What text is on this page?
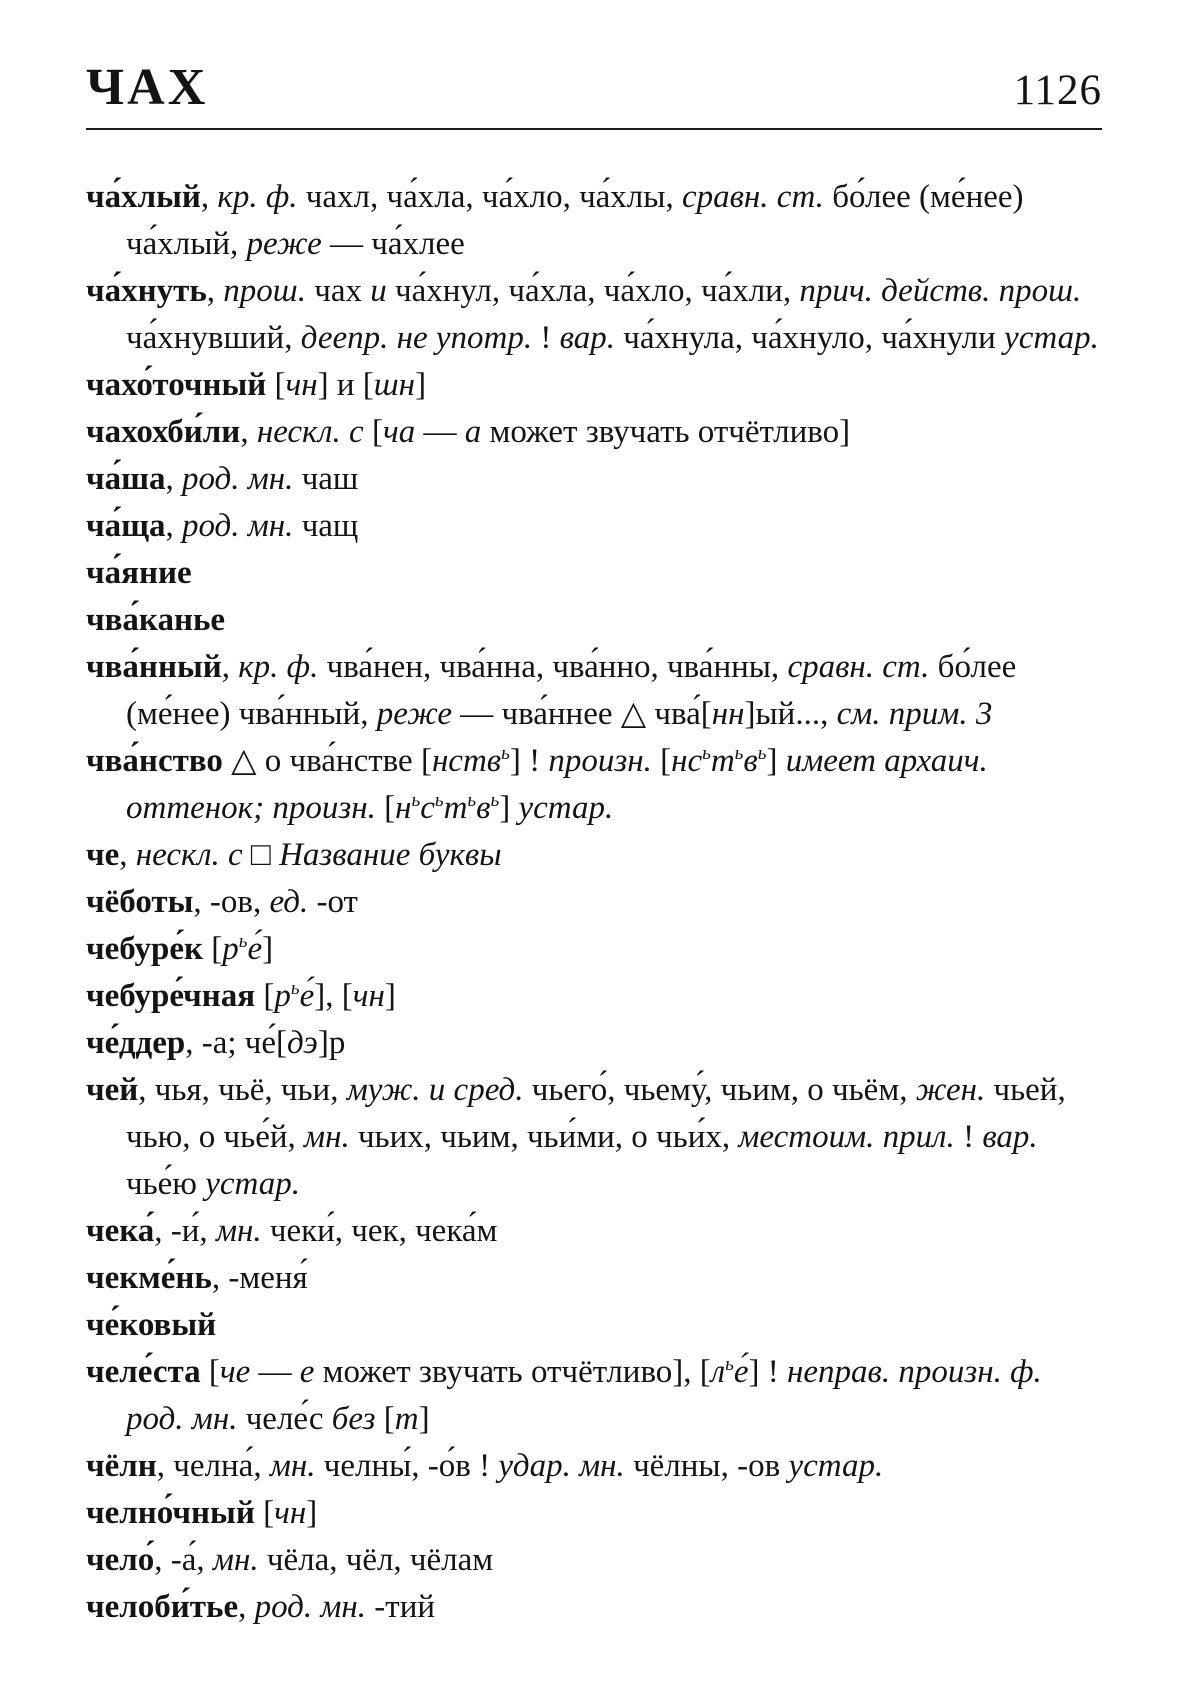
ЧАХ	1126

ча́хлый, кр. ф. чахл, ча́хла, ча́хло, ча́хлы, сравн. ст. бо́лее (ме́нее) ча́хлый, реже — ча́хлее

ча́хнуть, прош. чах и ча́хнул, ча́хла, ча́хло, ча́хли, прич. действ. прош. ча́хнувший, деепр. не употр. ! вар. ча́хнула, ча́хнуло, ча́хнули устар.

чахо́точный [чн] и [шн]

чахохби́ли, нескл. с [ча — а может звучать отчётливо]

ча́ша, род. мн. чаш

ча́ща, род. мн. чащ

ча́яние

чва́канье

чва́нный, кр. ф. чва́нен, чва́нна, чва́нно, чва́нны, сравн. ст. бо́лее (ме́нее) чва́нный, реже — чва́ннее △ чва́[нн]ый..., см. прим. 3

чва́нство △ о чва́нстве [нств$^ь$] ! произн. $[нс^ьт^ьв^ь]$ имеет архаич. оттенок; произн. $[н^ьс^ьт^ьв^ь]$ устар.

че, нескл. с □ Название буквы

чёботы, -ов, ед. -от

чебуре́к $[р^ье́]$

чебуре́чная $[р^ье́]$, [чн]

че́ддер, -а; че́[дэ]р

чей, чья, чьё, чьи, муж. и сред. чьего́, чьему́, чьим, о чьём, жен. чьей, чью, о чье́й, мн. чьих, чьим, чьи́ми, о чьи́х, местоим. прил. ! вар. чье́ю устар.

чека́, -и́, мн. чеки́, чек, чека́м

чекме́нь, -меня́

че́ковый

челе́ста [че — е может звучать отчётливо], $[л^ье́]$ ! неправ. произн. ф. род. мн. челе́с без [т]

чёлн, челна́, мн. челны́, -о́в ! удар. мн. чёлны, -ов устар.

челно́чный [чн]

чело́, -а́, мн. чёла, чёл, чёлам

челоби́тье, род. мн. -тий
